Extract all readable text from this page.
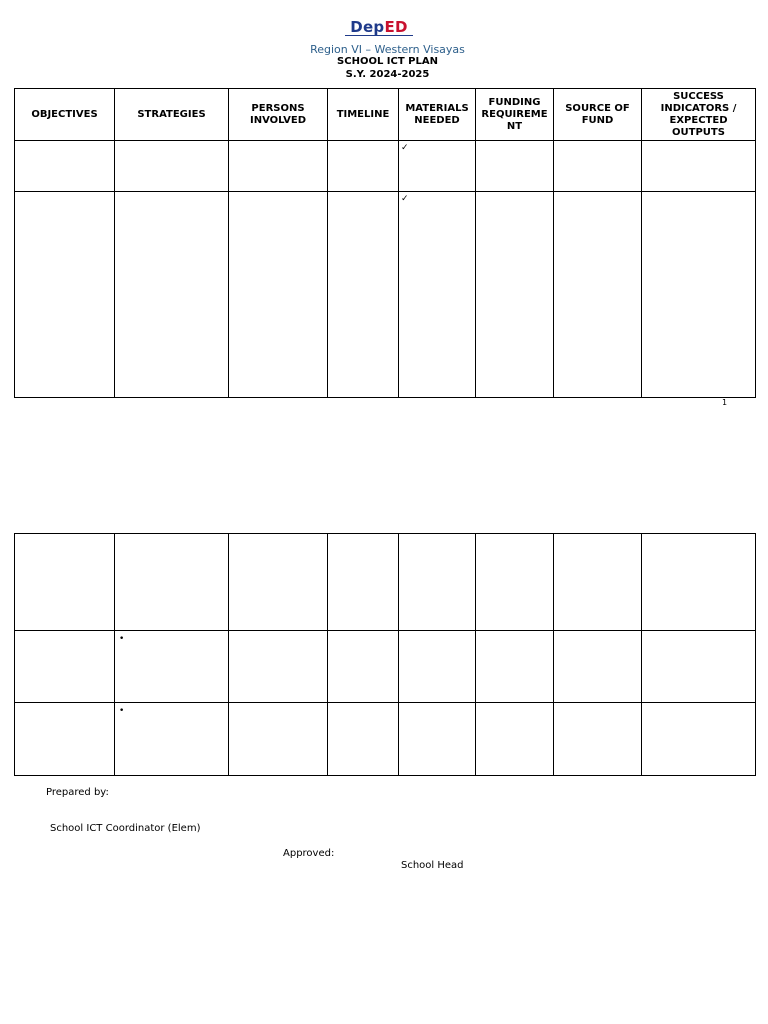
DepED
Region VI – Western Visayas
SCHOOL ICT PLAN
S.Y. 2024-2025
OBJECTIVES	STRATEGIES	PERSONS INVOLVED	TIMELINE	MATERIALS NEEDED	FUNDING REQUIREME NT	SOURCE OF FUND	SUCCESS INDICATORS / EXPECTED OUTPUTS
				✓			
				✓			
1

	•						
	•						
Prepared by:
School ICT Coordinator (Elem)
Approved:
School Head
